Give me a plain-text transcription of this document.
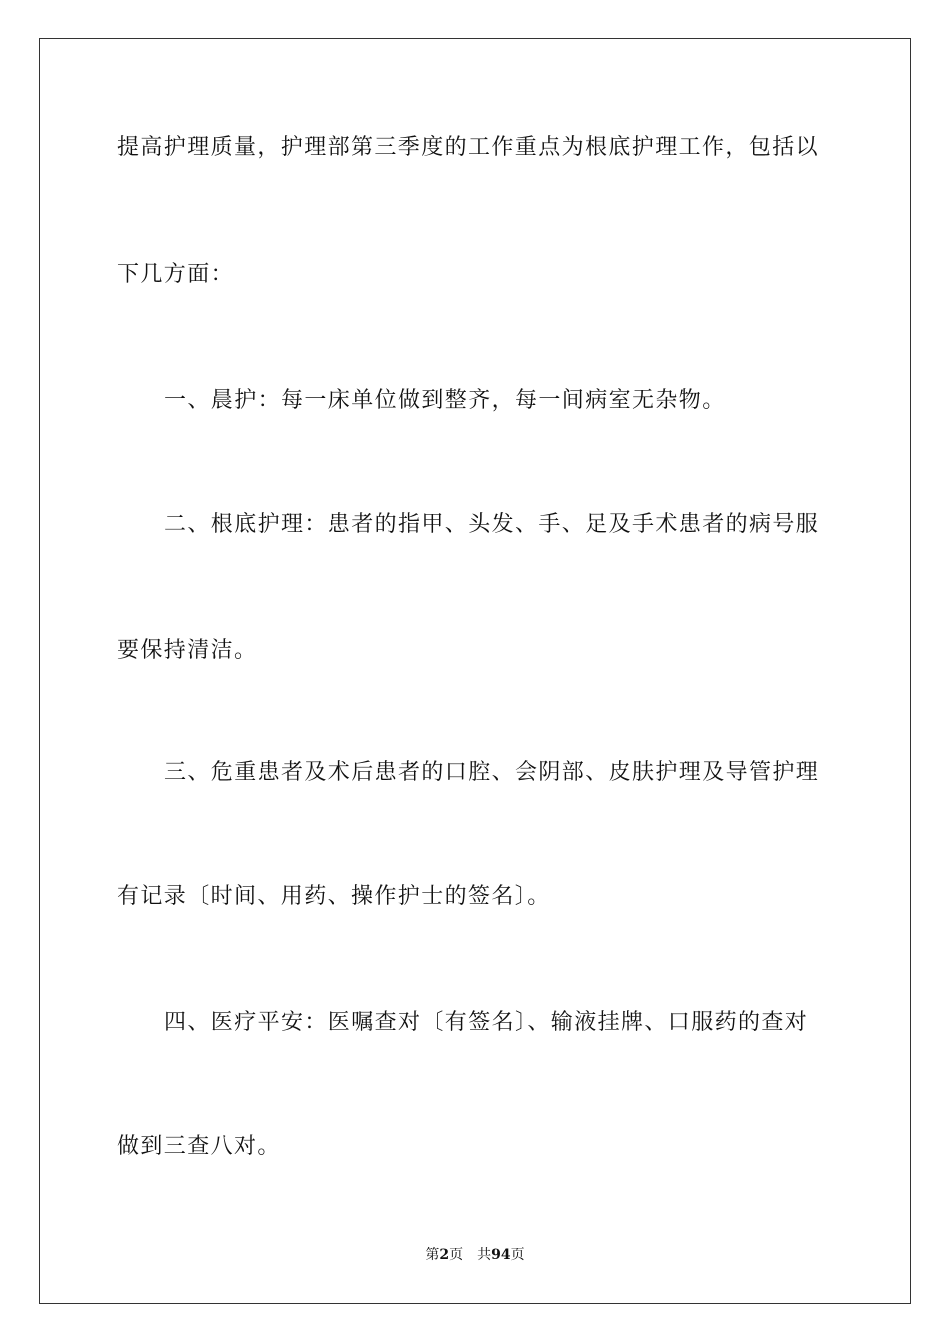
提高护理质量，护理部第三季度的工作重点为根底护理工作，包括以
下几方面：
一、晨护：每一床单位做到整齐，每一间病室无杂物。
二、根底护理：患者的指甲、头发、手、足及手术患者的病号服
要保持清洁。
三、危重患者及术后患者的口腔、会阴部、皮肤护理及导管护理
有记录〔时间、用药、操作护士的签名〕。
四、医疗平安：医嘱查对〔有签名〕、输液挂牌、口服药的查对
做到三查八对。
第2页 共94页
